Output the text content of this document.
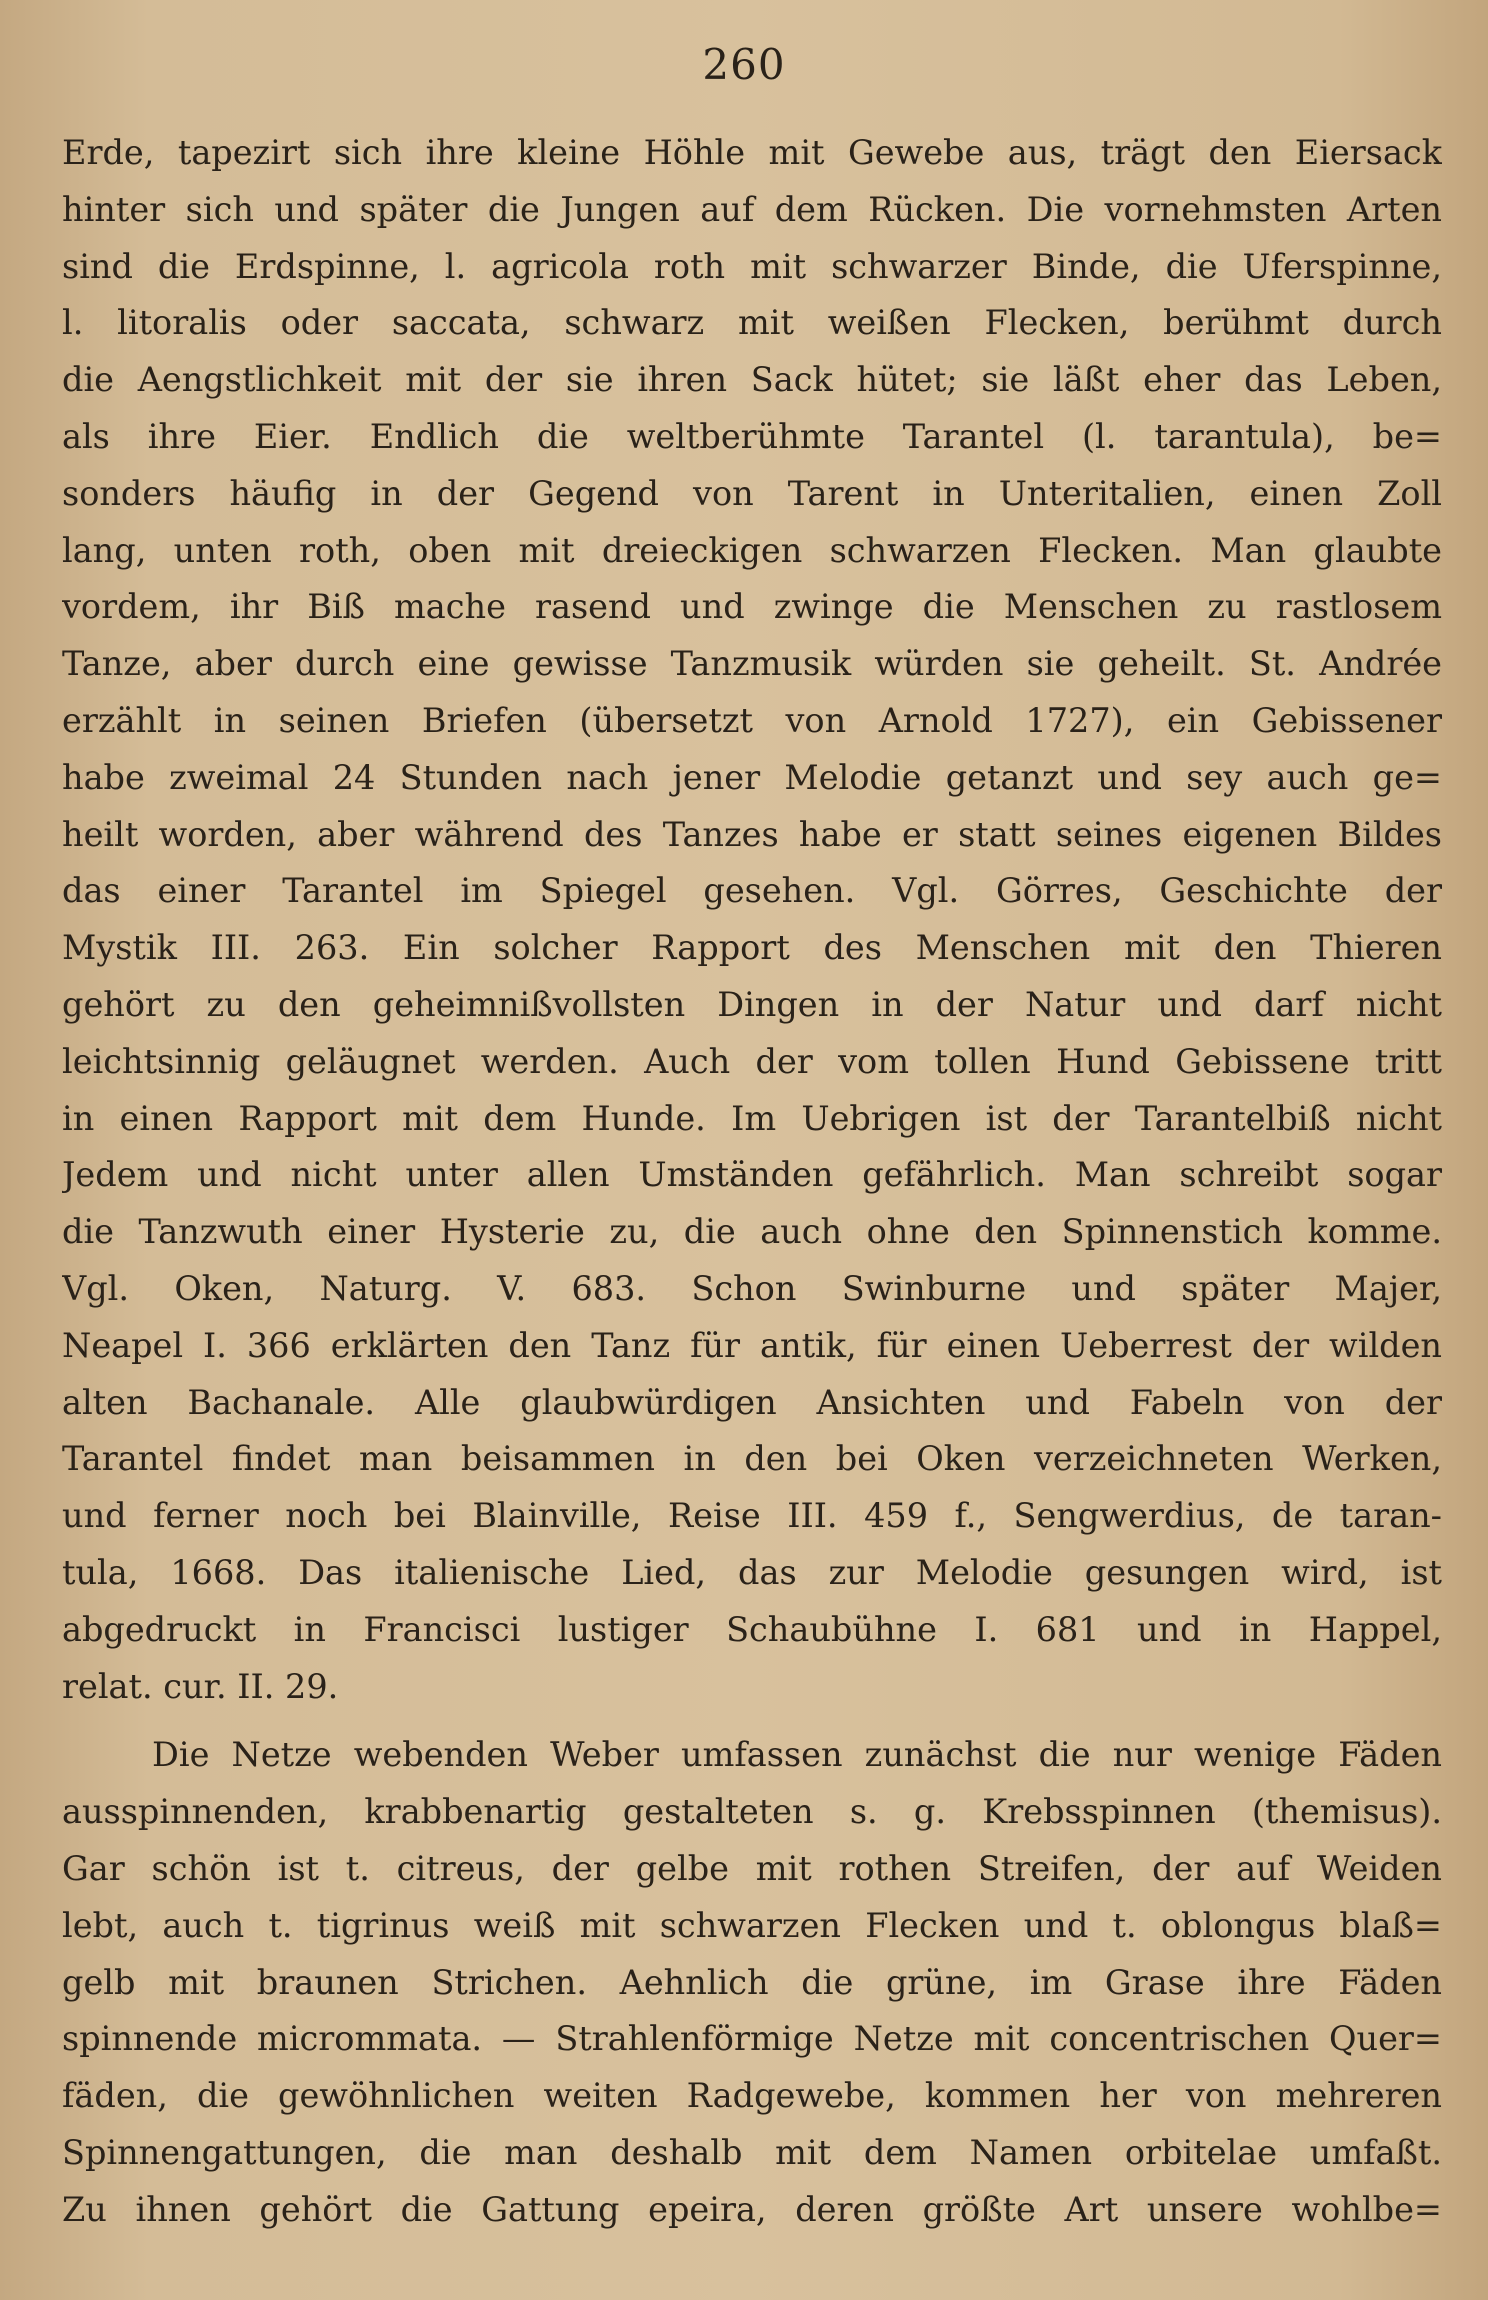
260
Erde, tapezirt sich ihre kleine Höhle mit Gewebe aus, trägt den Eiersack
hinter sich und später die Jungen auf dem Rücken. Die vornehmsten Arten
sind die Erdspinne, l. agricola roth mit schwarzer Binde, die Uferspinne,
l. litoralis oder saccata, schwarz mit weißen Flecken, berühmt durch
die Aengstlichkeit mit der sie ihren Sack hütet; sie läßt eher das Leben,
als ihre Eier. Endlich die weltberühmte Tarantel (l. tarantula), be=
sonders häufig in der Gegend von Tarent in Unteritalien, einen Zoll
lang, unten roth, oben mit dreieckigen schwarzen Flecken. Man glaubte
vordem, ihr Biß mache rasend und zwinge die Menschen zu rastlosem
Tanze, aber durch eine gewisse Tanzmusik würden sie geheilt. St. Andrée
erzählt in seinen Briefen (übersetzt von Arnold 1727), ein Gebissener
habe zweimal 24 Stunden nach jener Melodie getanzt und sey auch ge=
heilt worden, aber während des Tanzes habe er statt seines eigenen Bildes
das einer Tarantel im Spiegel gesehen. Vgl. Görres, Geschichte der
Mystik III. 263. Ein solcher Rapport des Menschen mit den Thieren
gehört zu den geheimnißvollsten Dingen in der Natur und darf nicht
leichtsinnig geläugnet werden. Auch der vom tollen Hund Gebissene tritt
in einen Rapport mit dem Hunde. Im Uebrigen ist der Tarantelbiß nicht
Jedem und nicht unter allen Umständen gefährlich. Man schreibt sogar
die Tanzwuth einer Hysterie zu, die auch ohne den Spinnenstich komme.
Vgl. Oken, Naturg. V. 683. Schon Swinburne und später Majer,
Neapel I. 366 erklärten den Tanz für antik, für einen Ueberrest der wilden
alten Bachanale. Alle glaubwürdigen Ansichten und Fabeln von der
Tarantel findet man beisammen in den bei Oken verzeichneten Werken,
und ferner noch bei Blainville, Reise III. 459 f., Sengwerdius, de taran-
tula, 1668. Das italienische Lied, das zur Melodie gesungen wird, ist
abgedruckt in Francisci lustiger Schaubühne I. 681 und in Happel,
relat. cur. II. 29.
Die Netze webenden Weber umfassen zunächst die nur wenige Fäden
ausspinnenden, krabbenartig gestalteten s. g. Krebsspinnen (themisus).
Gar schön ist t. citreus, der gelbe mit rothen Streifen, der auf Weiden
lebt, auch t. tigrinus weiß mit schwarzen Flecken und t. oblongus blaß=
gelb mit braunen Strichen. Aehnlich die grüne, im Grase ihre Fäden
spinnende micrommata. — Strahlenförmige Netze mit concentrischen Quer=
fäden, die gewöhnlichen weiten Radgewebe, kommen her von mehreren
Spinnengattungen, die man deshalb mit dem Namen orbitelae umfaßt.
Zu ihnen gehört die Gattung epeira, deren größte Art unsere wohlbe=
